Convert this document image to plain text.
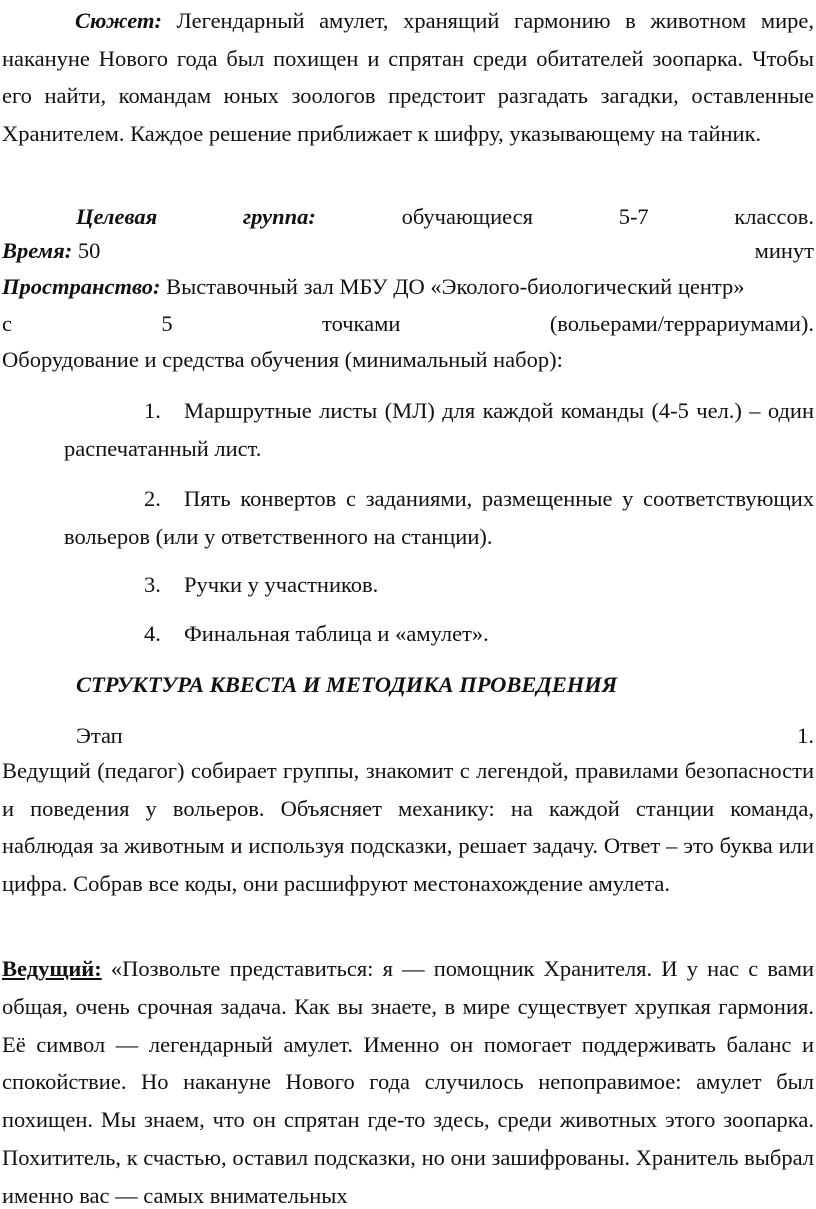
Сюжет: Легендарный амулет, хранящий гармонию в животном мире, накануне Нового года был похищен и спрятан среди обитателей зоопарка. Чтобы его найти, командам юных зоологов предстоит разгадать загадки, оставленные Хранителем. Каждое решение приближает к шифру, указывающему на тайник.

Целевая	группа:	обучающиеся	5-7	классов.
Время: 50	минут
Пространство: Выставочный зал МБУ ДО «Эколого-биологический центр»
с	5	точками	(вольерами/террариумами).

Оборудование и средства обучения (минимальный набор):

1. Маршрутные листы (МЛ) для каждой команды (4-5 чел.) – один распечатанный лист.

2. Пять конвертов с заданиями, размещенные у соответствующих вольеров (или у ответственного на станции).

3. Ручки у участников.

4. Финальная таблица и «амулет».

СТРУКТУРА КВЕСТА И МЕТОДИКА ПРОВЕДЕНИЯ
Этап	1.

Ведущий (педагог) собирает группы, знакомит с легендой, правилами безопасности и поведения у вольеров. Объясняет механику: на каждой станции команда, наблюдая за животным и используя подсказки, решает задачу. Ответ – это буква или цифра. Собрав все коды, они расшифруют местонахождение амулета.

Ведущий: «Позвольте представиться: я — помощник Хранителя. И у нас с вами общая, очень срочная задача. Как вы знаете, в мире существует хрупкая гармония. Её символ — легендарный амулет. Именно он помогает поддерживать баланс и спокойствие. Но накануне Нового года случилось непоправимое: амулет был похищен. Мы знаем, что он спрятан где-то здесь, среди животных этого зоопарка. Похититель, к счастью, оставил подсказки, но они зашифрованы. Хранитель выбрал именно вас — самых внимательных
